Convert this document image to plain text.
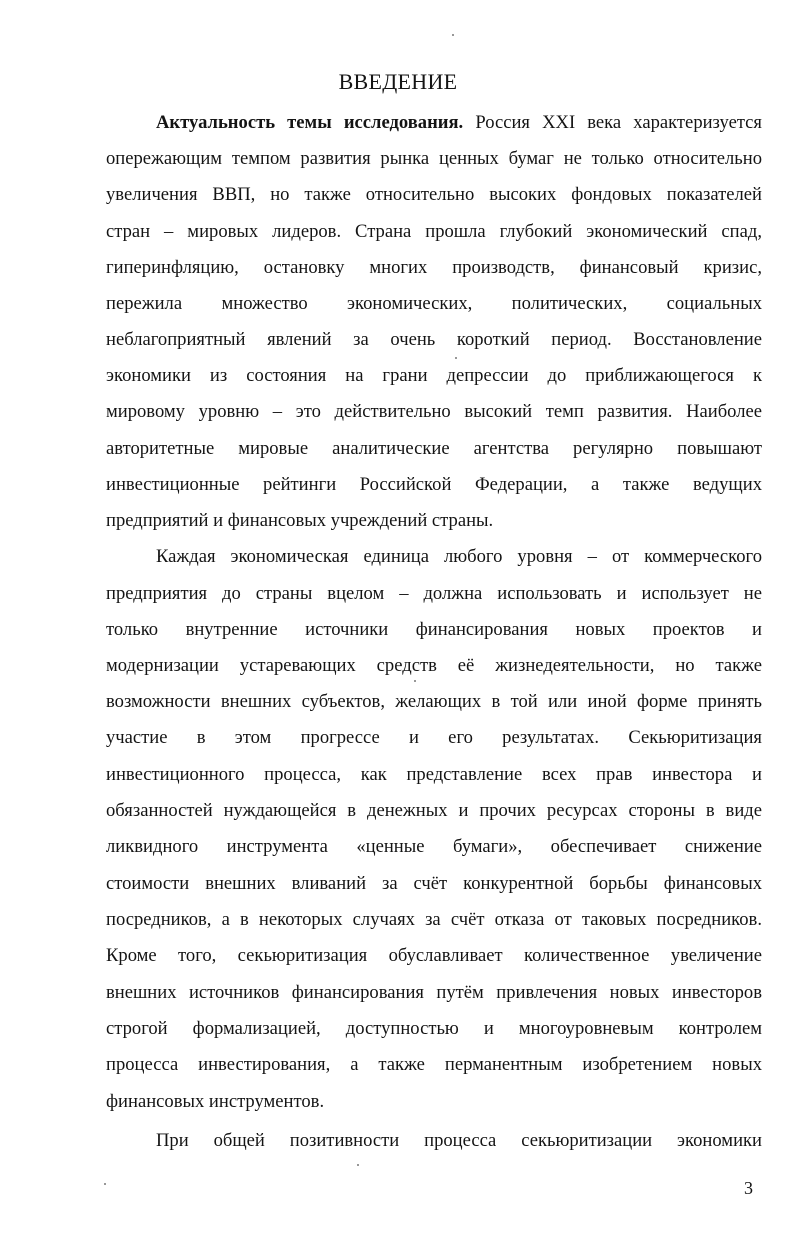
ВВЕДЕНИЕ
Актуальность темы исследования. Россия XXI века характеризуется
опережающим темпом развития рынка ценных бумаг не только относительно
увеличения ВВП, но также относительно высоких фондовых показателей
стран – мировых лидеров. Страна прошла глубокий экономический спад,
гиперинфляцию, остановку многих производств, финансовый кризис,
пережила множество экономических, политических, социальных
неблагоприятный явлений за очень короткий период. Восстановление
экономики из состояния на грани депрессии до приближающегося к
мировому уровню – это действительно высокий темп развития. Наиболее
авторитетные мировые аналитические агентства регулярно повышают
инвестиционные рейтинги Российской Федерации, а также ведущих
предприятий и финансовых учреждений страны.
Каждая экономическая единица любого уровня – от коммерческого
предприятия до страны вцелом – должна использовать и использует не
только внутренние источники финансирования новых проектов и
модернизации устаревающих средств её жизнедеятельности, но также
возможности внешних субъектов, желающих в той или иной форме принять
участие в этом прогрессе и его результатах. Секьюритизация
инвестиционного процесса, как представление всех прав инвестора и
обязанностей нуждающейся в денежных и прочих ресурсах стороны в виде
ликвидного инструмента «ценные бумаги», обеспечивает снижение
стоимости внешних вливаний за счёт конкурентной борьбы финансовых
посредников, а в некоторых случаях за счёт отказа от таковых посредников.
Кроме того, секьюритизация обуславливает количественное увеличение
внешних источников финансирования путём привлечения новых инвесторов
строгой формализацией, доступностью и многоуровневым контролем
процесса инвестирования, а также перманентным изобретением новых
финансовых инструментов.
При общей позитивности процесса секьюритизации экономики
3
